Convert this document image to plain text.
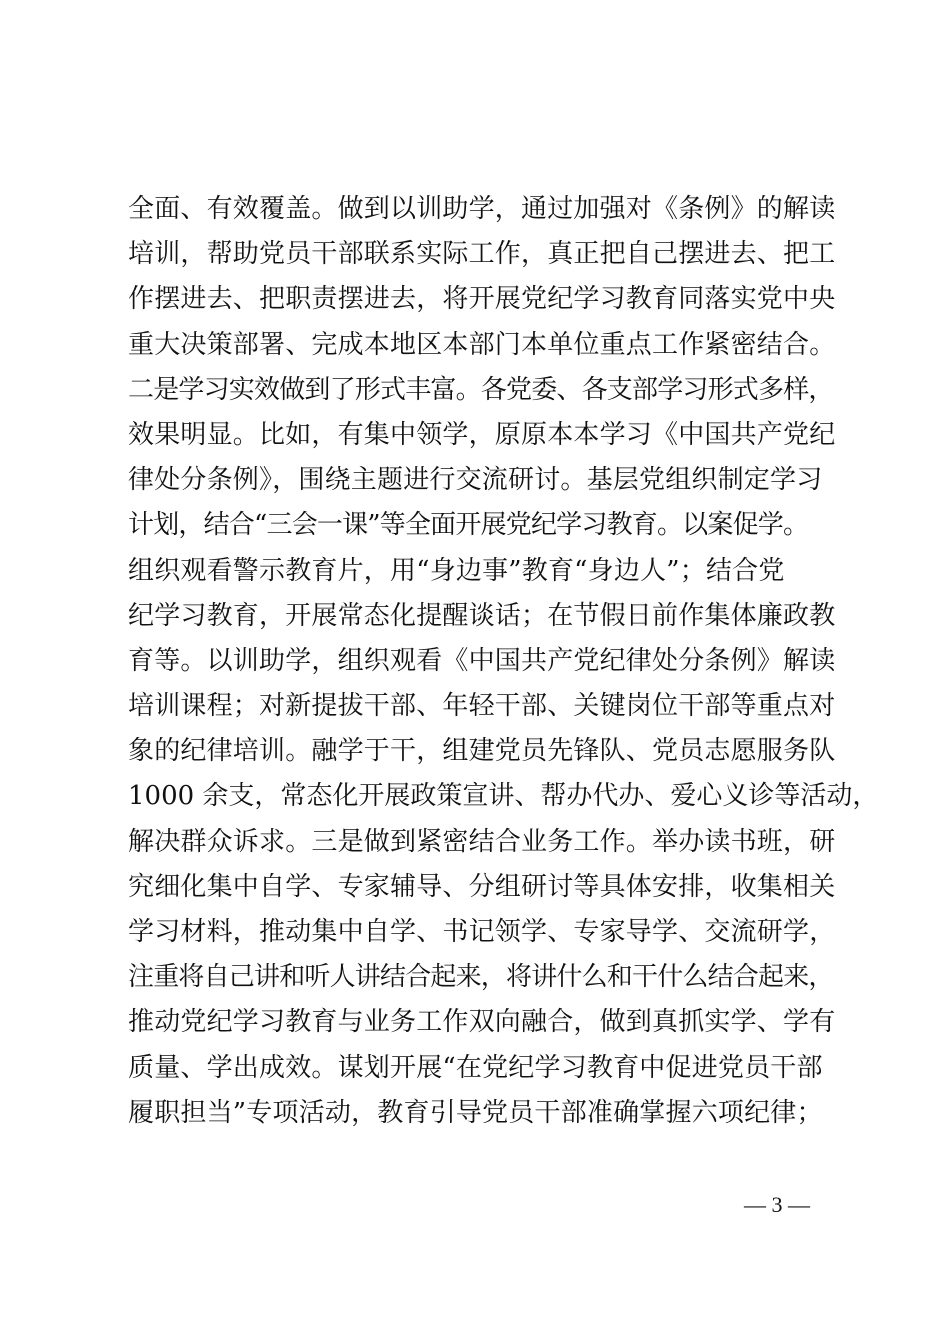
全面、有效覆盖。做到以训助学，通过加强对《条例》的解读
培训，帮助党员干部联系实际工作，真正把自己摆进去、把工
作摆进去、把职责摆进去，将开展党纪学习教育同落实党中央
重大决策部署、完成本地区本部门本单位重点工作紧密结合。
二是学习实效做到了形式丰富。各党委、各支部学习形式多样，
效果明显。比如，有集中领学，原原本本学习《中国共产党纪
律处分条例》，围绕主题进行交流研讨。基层党组织制定学习
计划，结合“三会一课”等全面开展党纪学习教育。以案促学。
组织观看警示教育片，用“身边事”教育“身边人”；结合党
纪学习教育，开展常态化提醒谈话；在节假日前作集体廉政教
育等。以训助学，组织观看《中国共产党纪律处分条例》解读
培训课程；对新提拔干部、年轻干部、关键岗位干部等重点对
象的纪律培训。融学于干，组建党员先锋队、党员志愿服务队
1000 余支，常态化开展政策宣讲、帮办代办、爱心义诊等活动，
解决群众诉求。三是做到紧密结合业务工作。举办读书班，研
究细化集中自学、专家辅导、分组研讨等具体安排，收集相关
学习材料，推动集中自学、书记领学、专家导学、交流研学，
注重将自己讲和听人讲结合起来，将讲什么和干什么结合起来，
推动党纪学习教育与业务工作双向融合，做到真抓实学、学有
质量、学出成效。谋划开展“在党纪学习教育中促进党员干部
履职担当”专项活动，教育引导党员干部准确掌握六项纪律；
— 3 —
